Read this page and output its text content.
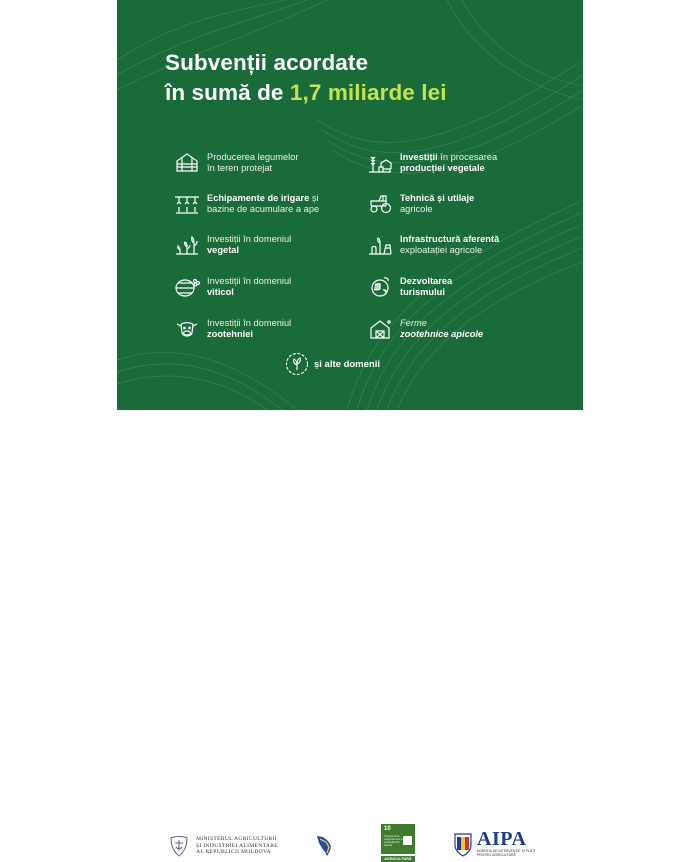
Subvenții acordate
în sumă de 1,7 miliarde lei
Producerea legumelor
în teren protejat
Echipamente de irigare și
bazine de acumulare a ape
Investiții în domeniul
vegetal
Investiții în domeniul
viticol
Investiții în domeniul
zootehniei
Investiții în procesarea
producției vegetale
Tehnică și utilaje
agricole
Infrastructură aferentă
exploatației agricole
Dezvoltarea
turismului
Ferme
zootehnice apicole
și alte domenii
MINISTERUL AGRICULTURII
ȘI INDUSTRIEI ALIMENTARE
AL REPUBLICII MOLDOVA
10
Programul de subvenționare a producătorilor agricoli
AGRICULTURĂ
AIPA
AGENȚIA DE INTERVENȚIE ȘI PLĂȚI PENTRU AGRICULTURĂ
